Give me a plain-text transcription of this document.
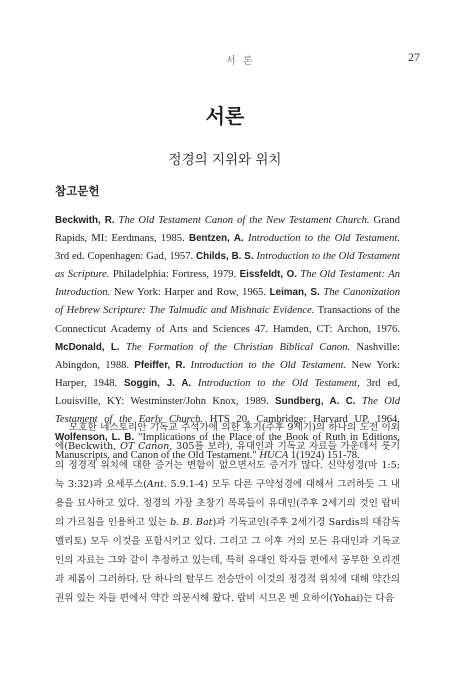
서 론	27
서론
정경의 지위와 위치
참고문헌

Beckwith, R. The Old Testament Canon of the New Testament Church. Grand Rapids, MI: Eerdmans, 1985. Bentzen, A. Introduction to the Old Testament. 3rd ed. Copenhagen: Gad, 1957. Childs, B. S. Introduction to the Old Testament as Scripture. Philadelphia: Fortress, 1979. Eissfeldt, O. The Old Testament: An Introduction. New York: Harper and Row, 1965. Leiman, S. The Canonization of Hebrew Scripture: The Talmudic and Mishnaic Evidence. Transactions of the Connecticut Academy of Arts and Sciences 47. Hamden, CT: Archon, 1976. McDonald, L. The Formation of the Christian Biblical Canon. Nashville: Abingdon, 1988. Pfeiffer, R. Introduction to the Old Testament. New York: Harper, 1948. Soggin, J. A. Introduction to the Old Testament, 3rd ed, Louisville, KY: Westminster/John Knox, 1989. Sundberg, A. C. The Old Testament of the Early Church. HTS 20. Cambridge: Harvard UP, 1964. Wolfenson, L. B. "Implications of the Place of the Book of Ruth in Editions, Manuscripts, and Canon of the Old Testament." HUCA 1(1924) 151-78.

모호한 네스토리안 기독교 주석가에 의한 후기(주후 9세기)의 하나의 도전 이외에(Beckwith, OT Canon, 305를 보라), 유대인과 기독교 자료들 가운데서 룻기의 정경적 위치에 대한 증거는 변함이 없으면서도 증거가 많다. 신약성경(마 1:5; 눅 3:32)과 요세푸스(Ant. 5.9.1-4) 모두 다른 구약성경에 대해서 그러하듯 그 내용을 묘사하고 있다. 정경의 가장 초창기 목록들이 유대인(주후 2세기의 것인 랍비의 가르침을 인용하고 있는 b. B. Bat)과 기독교인(주후 2세기경 Sardis의 대감독 멜리토) 모두 이것을 포함시키고 있다. 그리고 그 이후 거의 모든 유대인과 기독교인의 자료는 그와 같이 추정하고 있는데, 특히 유대인 학자들 편에서 공부한 오리겐과 제롬이 그러하다. 단 하나의 탈무드 전승만이 이것의 정경적 위치에 대해 약간의 권위 있는 자들 편에서 약간 의문시해 왔다. 랍비 시므온 벤 요하이(Yohai)는 다음
